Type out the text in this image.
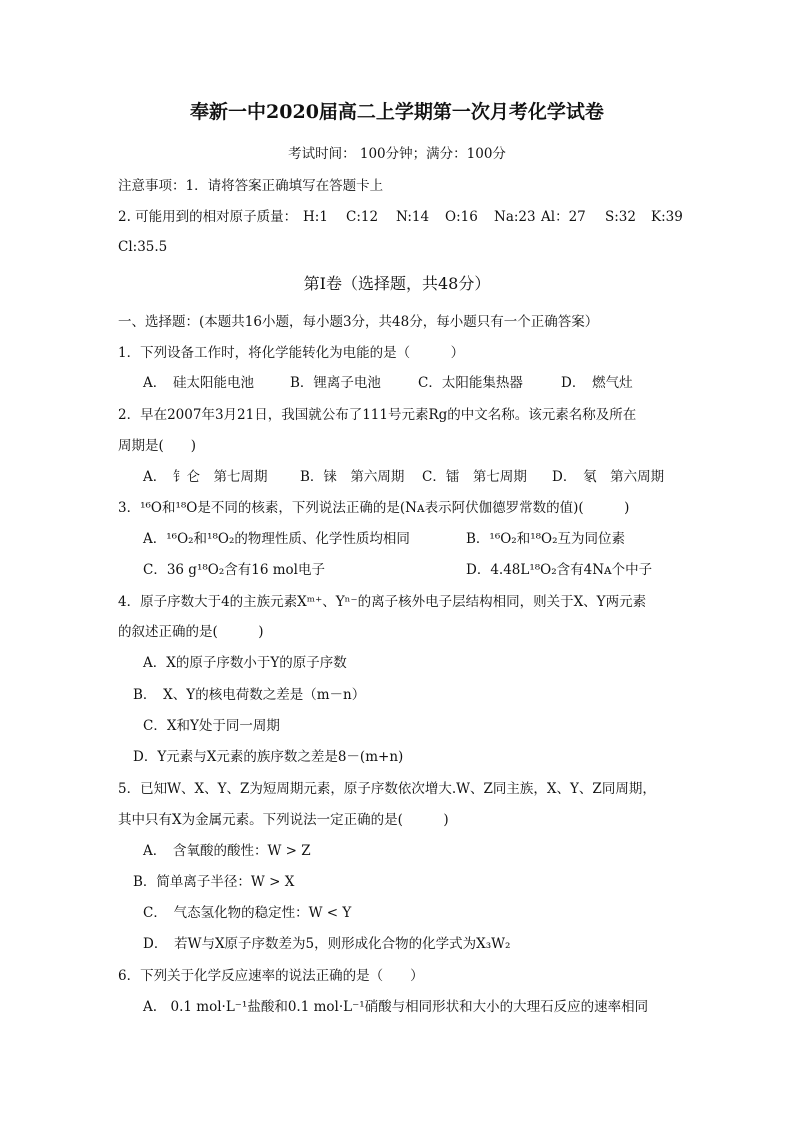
奉新一中2020届高二上学期第一次月考化学试卷
考试时间： 100分钟；满分：100分
注意事项：1．请将答案正确填写在答题卡上
2. 可能用到的相对原子质量： H:1 C:12 N:14 O:16 Na:23 Al：27 S:32 K:39
Cl:35.5
第I卷（选择题，共48分）
一、选择题：(本题共16小题，每小题3分，共48分，每小题只有一个正确答案）
1．下列设备工作时，将化学能转化为电能的是（　　　）
A．　硅太阳能电池	B．锂离子电池	C．太阳能集热器	D．　燃气灶
2．早在2007年3月21日，我国就公布了111号元素Rg的中文名称。该元素名称及所在
周期是(　　)
A．　钅仑　第七周期 B．铼　第六周期 C．镭　第七周期 D．　氡　第六周期
3．¹⁶O和¹⁸O是不同的核素，下列说法正确的是(Nᴀ表示阿伏伽德罗常数的值)(　　　)
A．¹⁶O₂和¹⁸O₂的物理性质、化学性质均相同	B．¹⁶O₂和¹⁸O₂互为同位素
C．36 g¹⁸O₂含有16 mol电子	D．4.48L¹⁸O₂含有4Nᴀ个中子
4．原子序数大于4的主族元素Xᵐ⁺、Yⁿ⁻的离子核外电子层结构相同，则关于X、Y两元素
的叙述正确的是(　　　)
A．X的原子序数小于Y的原子序数
B．　X、Y的核电荷数之差是（m－n）
C．X和Y处于同一周期
D．Y元素与X元素的族序数之差是8－(m+n)
5．已知W、X、Y、Z为短周期元素，原子序数依次增大.W、Z同主族，X、Y、Z同周期，
其中只有X为金属元素。下列说法一定正确的是(　　　)
A．　含氧酸的酸性：W > Z
B．简单离子半径：W > X
C．　气态氢化物的稳定性：W < Y
D．　若W与X原子序数差为5，则形成化合物的化学式为X₃W₂
6．下列关于化学反应速率的说法正确的是（　　）
A.　0.1 mol·L⁻¹盐酸和0.1 mol·L⁻¹硝酸与相同形状和大小的大理石反应的速率相同
